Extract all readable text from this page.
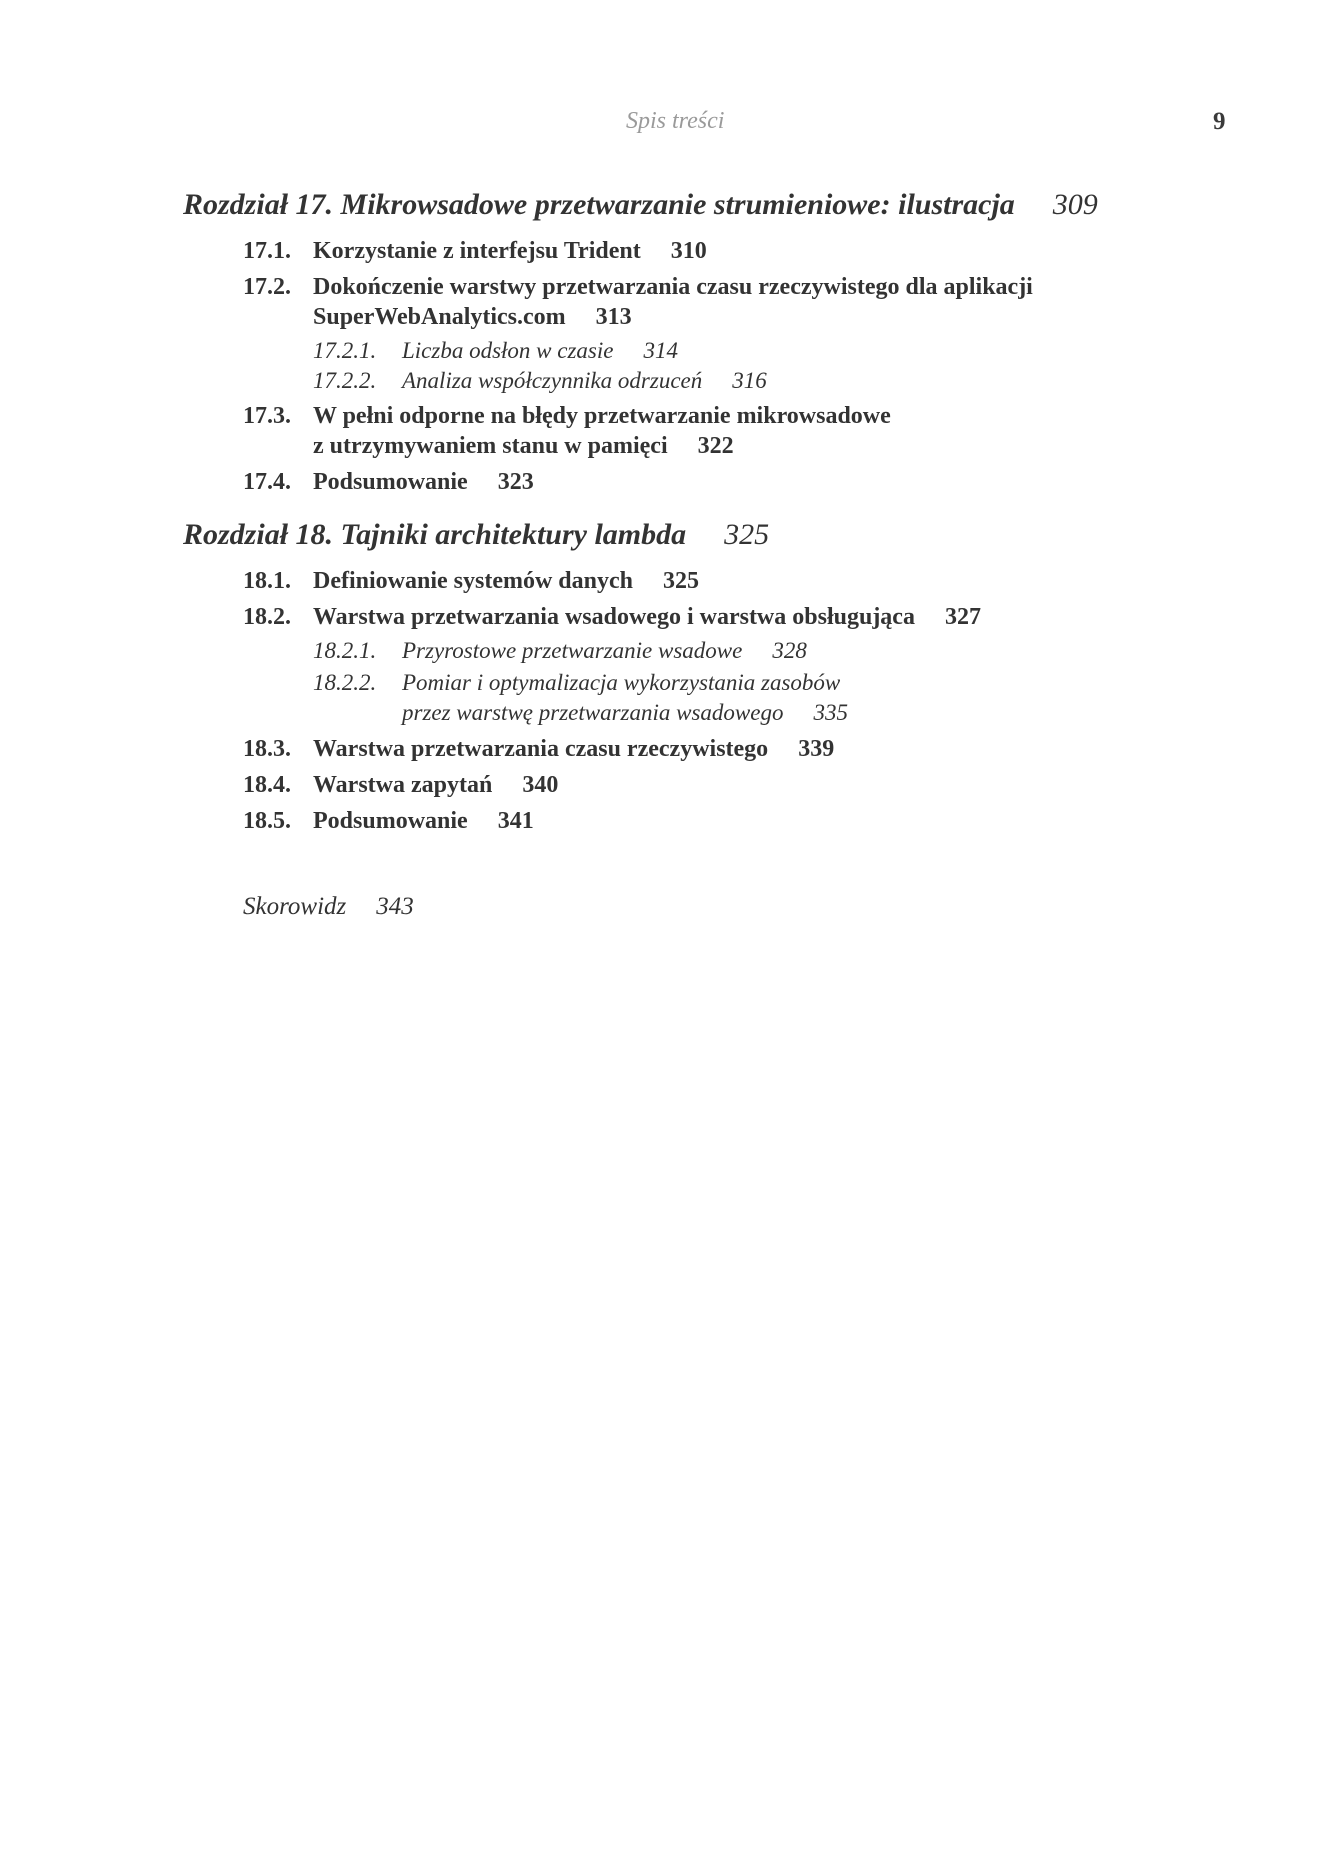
Spis treści	9
Rozdział 17. Mikrowsadowe przetwarzanie strumieniowe: ilustracja 309
17.1. Korzystanie z interfejsu Trident 310
17.2. Dokończenie warstwy przetwarzania czasu rzeczywistego dla aplikacji
SuperWebAnalytics.com 313
17.2.1. Liczba odsłon w czasie 314
17.2.2. Analiza współczynnika odrzuceń 316
17.3. W pełni odporne na błędy przetwarzanie mikrowsadowe
z utrzymywaniem stanu w pamięci 322
17.4. Podsumowanie 323
Rozdział 18. Tajniki architektury lambda 325
18.1. Definiowanie systemów danych 325
18.2. Warstwa przetwarzania wsadowego i warstwa obsługująca 327
18.2.1. Przyrostowe przetwarzanie wsadowe 328
18.2.2. Pomiar i optymalizacja wykorzystania zasobów
przez warstwę przetwarzania wsadowego 335
18.3. Warstwa przetwarzania czasu rzeczywistego 339
18.4. Warstwa zapytań 340
18.5. Podsumowanie 341
Skorowidz 343
